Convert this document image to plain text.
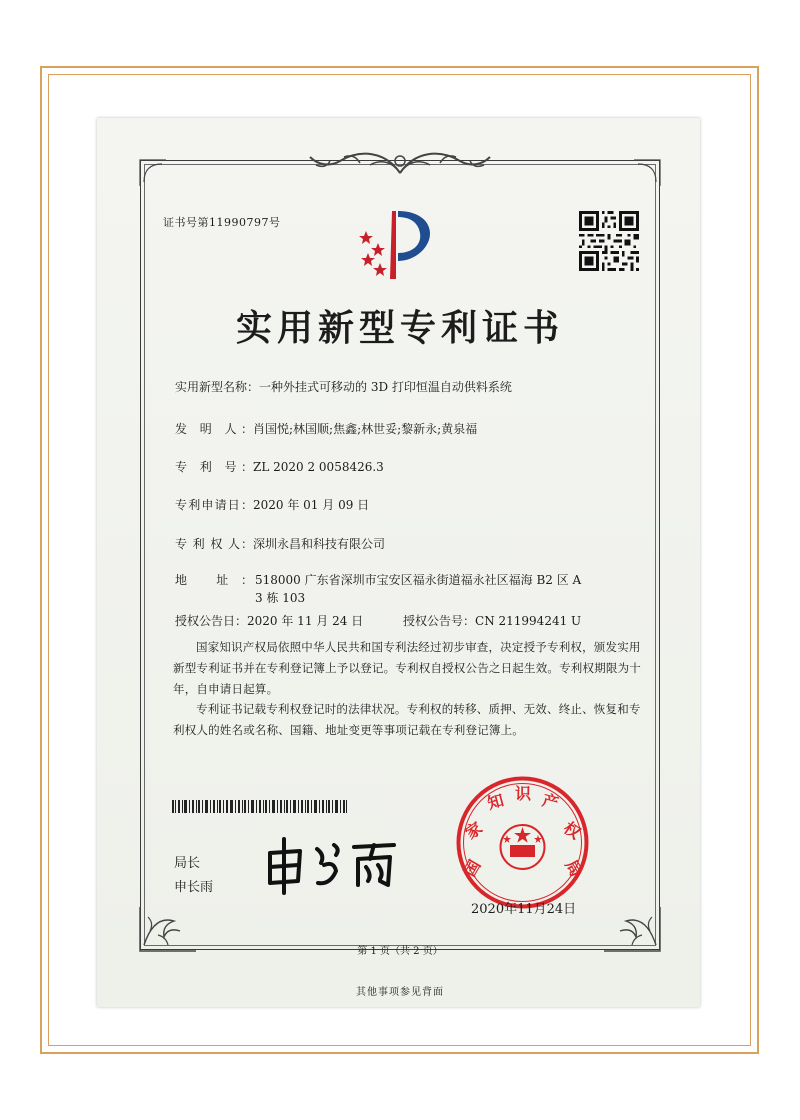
证书号第11990797号
实用新型专利证书
实用新型名称：一种外挂式可移动的 3D 打印恒温自动供料系统
发 明 人：肖国悦;林国顺;焦鑫;林世妥;黎新永;黄泉福
专 利 号：ZL 2020 2 0058426.3
专利申请日：2020 年 01 月 09 日
专 利 权 人：深圳永昌和科技有限公司
地 址： 518000 广东省深圳市宝安区福永街道福永社区福海 B2 区 A 3 栋 103
授权公告日：2020 年 11 月 24 日	授权公告号：CN 211994241 U
国家知识产权局依照中华人民共和国专利法经过初步审查，决定授予专利权，颁发实用新型专利证书并在专利登记簿上予以登记。专利权自授权公告之日起生效。专利权期限为十年，自申请日起算。
专利证书记载专利权登记时的法律状况。专利权的转移、质押、无效、终止、恢复和专利权人的姓名或名称、国籍、地址变更等事项记载在专利登记簿上。
局长
申长雨
国
家
知 识 产
权
局
2020年11月24日
第 1 页（共 2 页）
其他事项参见背面
